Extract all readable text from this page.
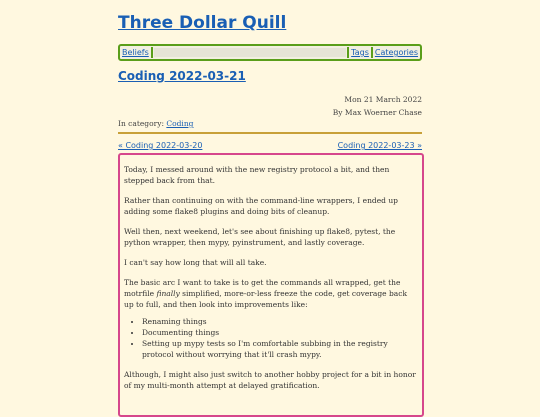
Three Dollar Quill
Beliefs	Tags Categories
Coding 2022-03-21
Mon 21 March 2022
By Max Woerner Chase
In category: Coding
« Coding 2022-03-20	Coding 2022-03-23 »

Today, I messed around with the new registry protocol a bit, and then stepped back from that.

Rather than continuing on with the command-line wrappers, I ended up adding some flake8 plugins and doing bits of cleanup.

Well then, next weekend, let's see about finishing up flake8, pytest, the python wrapper, then mypy, pyinstrument, and lastly coverage.

I can't say how long that will all take.

The basic arc I want to take is to get the commands all wrapped, get the motrfile finally simplified, more-or-less freeze the code, get coverage back up to full, and then look into improvements like:

• Renaming things
• Documenting things
• Setting up mypy tests so I'm comfortable subbing in the registry protocol without worrying that it'll crash mypy.

Although, I might also just switch to another hobby project for a bit in honor of my multi-month attempt at delayed gratification.
